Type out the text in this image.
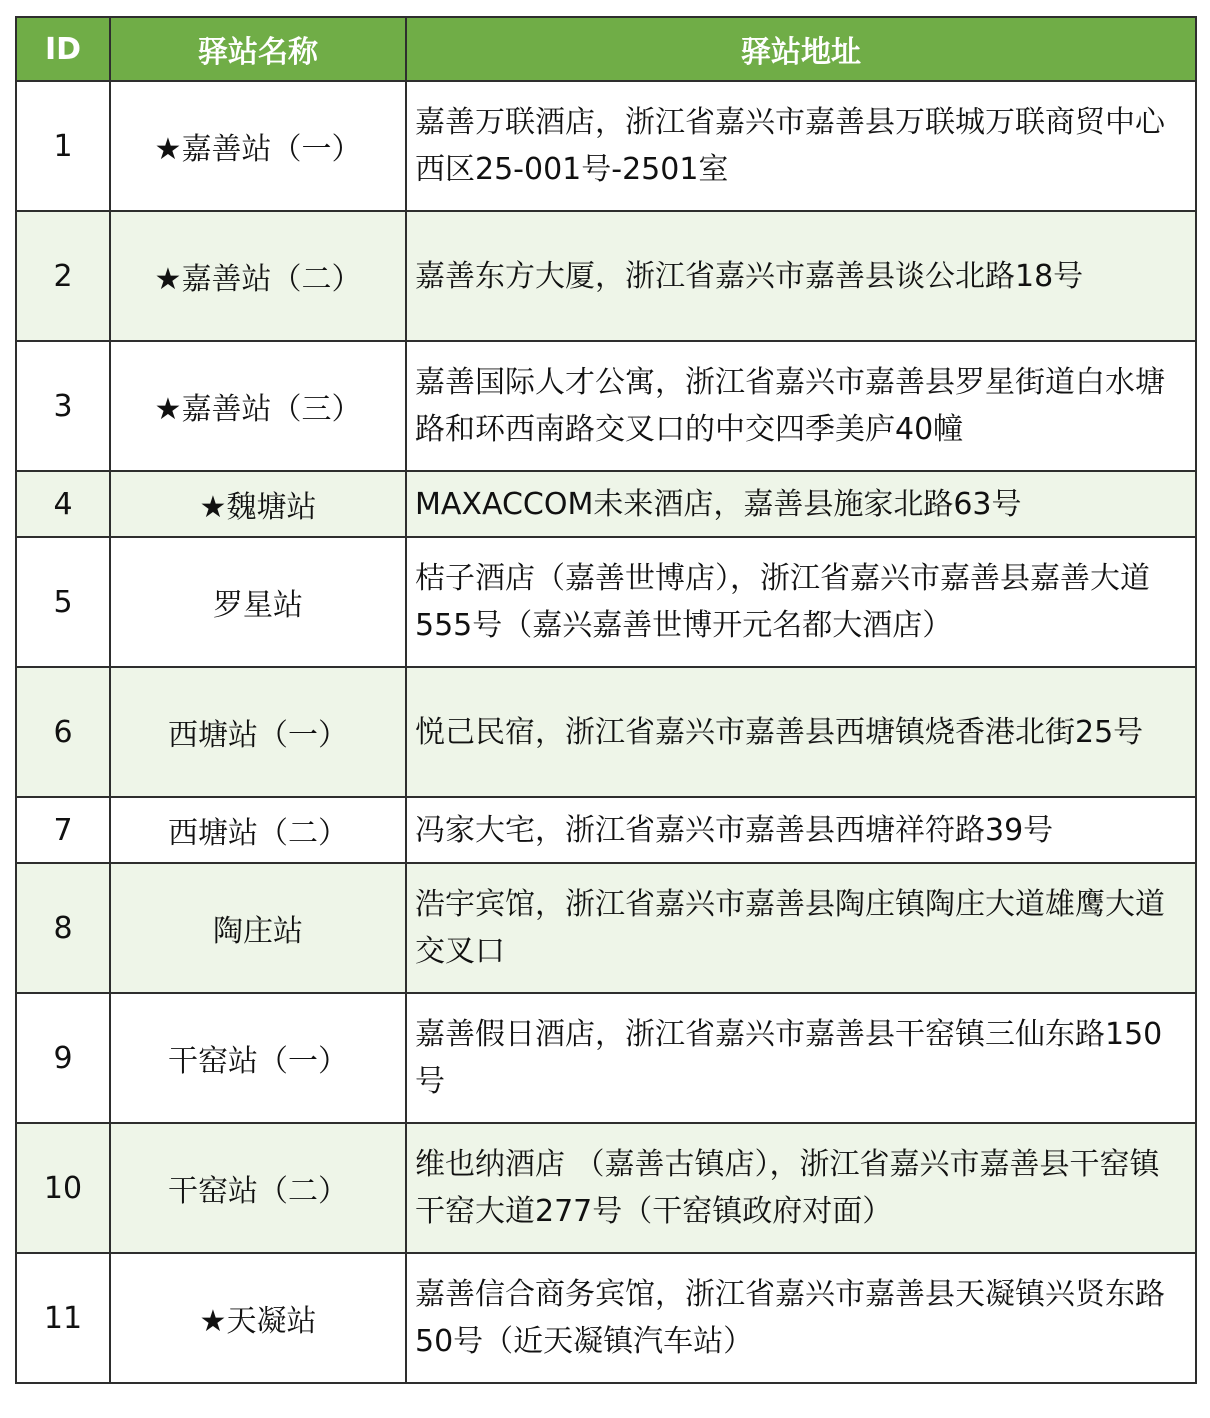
ID	驿站名称	驿站地址
1	★嘉善站（一）	嘉善万联酒店，浙江省嘉兴市嘉善县万联城万联商贸中心西区25-001号-2501室
2	★嘉善站（二）	嘉善东方大厦，浙江省嘉兴市嘉善县谈公北路18号
3	★嘉善站（三）	嘉善国际人才公寓，浙江省嘉兴市嘉善县罗星街道白水塘路和环西南路交叉口的中交四季美庐40幢
4	★魏塘站	MAXACCOM未来酒店，嘉善县施家北路63号
5	罗星站	桔子酒店（嘉善世博店），浙江省嘉兴市嘉善县嘉善大道555号（嘉兴嘉善世博开元名都大酒店）
6	西塘站（一）	悦己民宿，浙江省嘉兴市嘉善县西塘镇烧香港北街25号
7	西塘站（二）	冯家大宅，浙江省嘉兴市嘉善县西塘祥符路39号
8	陶庄站	浩宇宾馆，浙江省嘉兴市嘉善县陶庄镇陶庄大道雄鹰大道交叉口
9	干窑站（一）	嘉善假日酒店，浙江省嘉兴市嘉善县干窑镇三仙东路150号
10	干窑站（二）	维也纳酒店 （嘉善古镇店），浙江省嘉兴市嘉善县干窑镇干窑大道277号（干窑镇政府对面）
11	★天凝站	嘉善信合商务宾馆，浙江省嘉兴市嘉善县天凝镇兴贤东路50号（近天凝镇汽车站）
